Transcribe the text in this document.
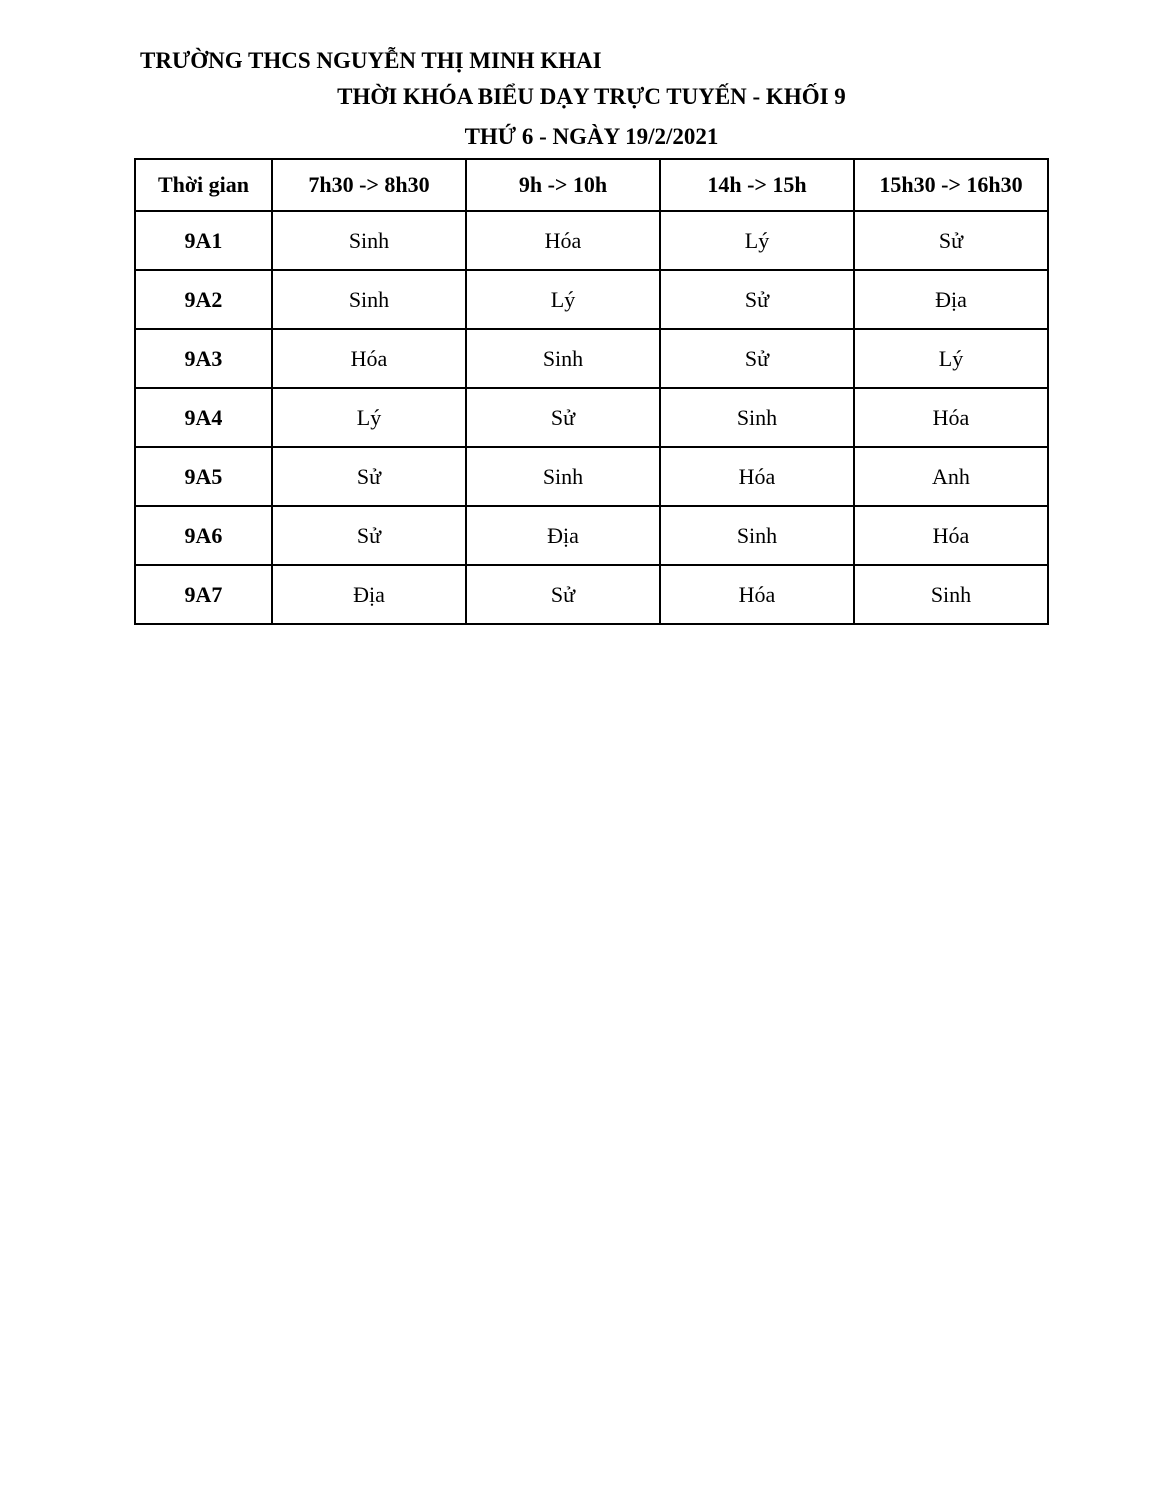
TRƯỜNG THCS NGUYỄN THỊ MINH KHAI
THỜI KHÓA BIỂU DẠY TRỰC TUYẾN - KHỐI 9
THỨ 6 - NGÀY 19/2/2021
Thời gian	7h30 -> 8h30	9h -> 10h	14h -> 15h	15h30 -> 16h30
9A1	Sinh	Hóa	Lý	Sử
9A2	Sinh	Lý	Sử	Địa
9A3	Hóa	Sinh	Sử	Lý
9A4	Lý	Sử	Sinh	Hóa
9A5	Sử	Sinh	Hóa	Anh
9A6	Sử	Địa	Sinh	Hóa
9A7	Địa	Sử	Hóa	Sinh
